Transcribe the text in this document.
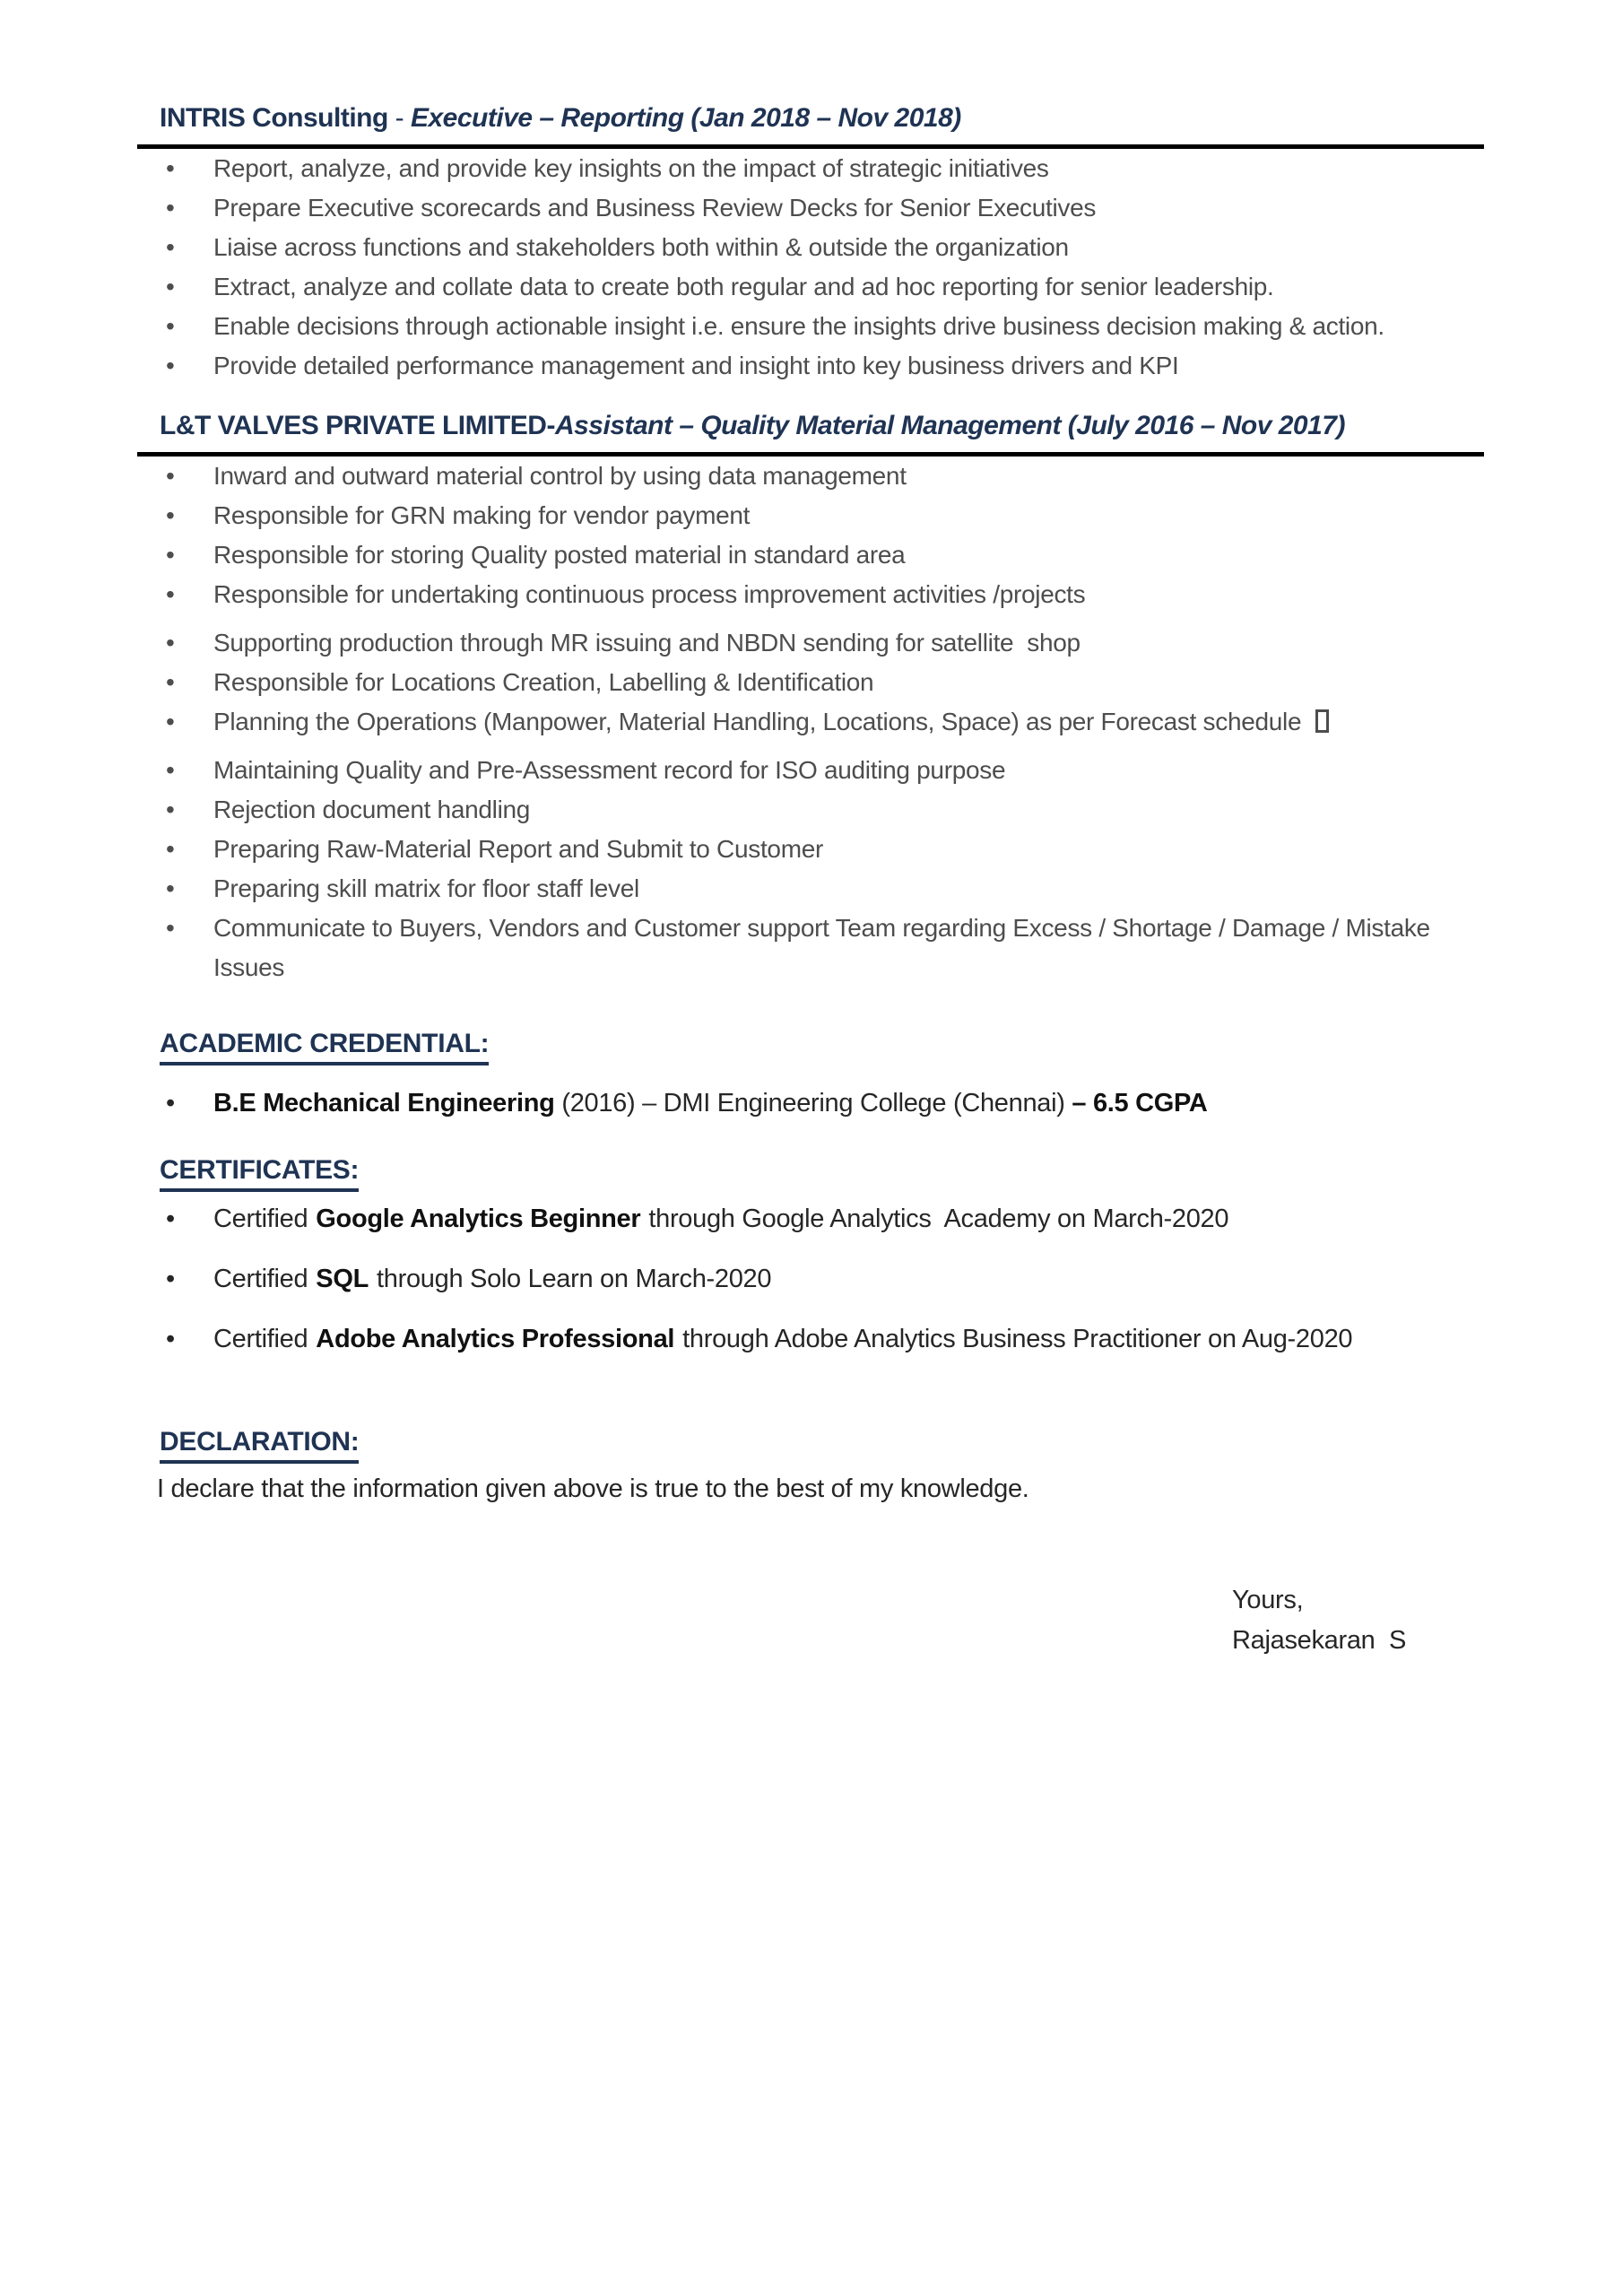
INTRIS Consulting - Executive – Reporting (Jan 2018 – Nov 2018)
• Report, analyze, and provide key insights on the impact of strategic initiatives
• Prepare Executive scorecards and Business Review Decks for Senior Executives
• Liaise across functions and stakeholders both within & outside the organization
• Extract, analyze and collate data to create both regular and ad hoc reporting for senior leadership.
• Enable decisions through actionable insight i.e. ensure the insights drive business decision making & action.
• Provide detailed performance management and insight into key business drivers and KPI
L&T VALVES PRIVATE LIMITED-Assistant – Quality Material Management (July 2016 – Nov 2017)
• Inward and outward material control by using data management
• Responsible for GRN making for vendor payment
• Responsible for storing Quality posted material in standard area
• Responsible for undertaking continuous process improvement activities /projects
• Supporting production through MR issuing and NBDN sending for satellite  shop
• Responsible for Locations Creation, Labelling & Identification
• Planning the Operations (Manpower, Material Handling, Locations, Space) as per Forecast schedule
• Maintaining Quality and Pre-Assessment record for ISO auditing purpose
• Rejection document handling
• Preparing Raw-Material Report and Submit to Customer
• Preparing skill matrix for floor staff level
• Communicate to Buyers, Vendors and Customer support Team regarding Excess / Shortage / Damage / Mistake Issues
ACADEMIC CREDENTIAL:
• B.E Mechanical Engineering (2016) – DMI Engineering College (Chennai) – 6.5 CGPA
CERTIFICATES:
• Certified Google Analytics Beginner through Google Analytics  Academy on March-2020
• Certified SQL through Solo Learn on March-2020
• Certified Adobe Analytics Professional through Adobe Analytics Business Practitioner on Aug-2020
DECLARATION:
I declare that the information given above is true to the best of my knowledge.
Yours,
Rajasekaran  S
